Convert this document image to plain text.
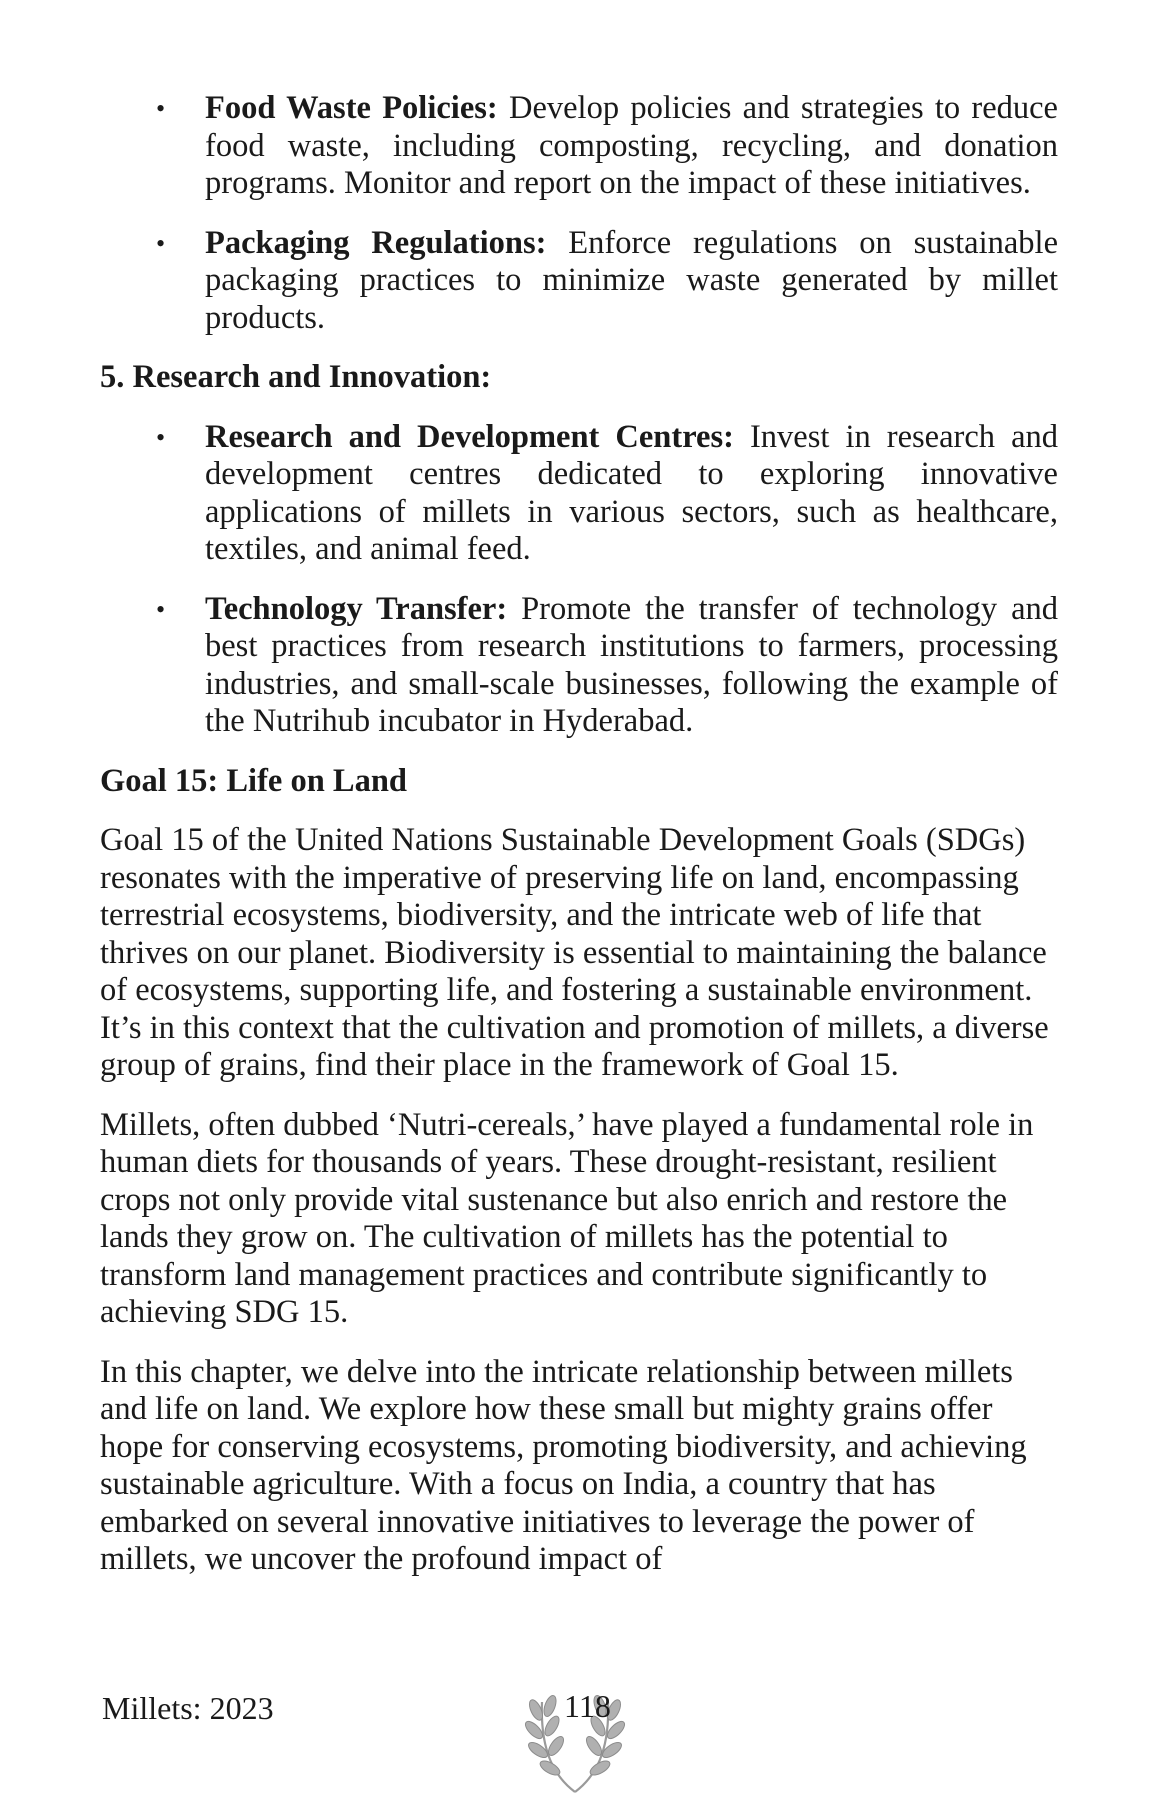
• Food Waste Policies: Develop policies and strategies to reduce food waste, including composting, recycling, and donation programs. Monitor and report on the impact of these initiatives.
• Packaging Regulations: Enforce regulations on sustainable packaging practices to minimize waste generated by millet products.
5. Research and Innovation:
• Research and Development Centres: Invest in research and development centres dedicated to exploring innovative applications of millets in various sectors, such as healthcare, textiles, and animal feed.
• Technology Transfer: Promote the transfer of technology and best practices from research institutions to farmers, processing industries, and small-scale businesses, following the example of the Nutrihub incubator in Hyderabad.
Goal 15: Life on Land

Goal 15 of the United Nations Sustainable Development Goals (SDGs) resonates with the imperative of preserving life on land, encompassing terrestrial ecosystems, biodiversity, and the intricate web of life that thrives on our planet. Biodiversity is essential to maintaining the balance of ecosystems, supporting life, and fostering a sustainable environment. It’s in this context that the cultivation and promotion of millets, a diverse group of grains, find their place in the framework of Goal 15.

Millets, often dubbed ‘Nutri-cereals,’ have played a fundamental role in human diets for thousands of years. These drought-resistant, resilient crops not only provide vital sustenance but also enrich and restore the lands they grow on. The cultivation of millets has the potential to transform land management practices and contribute significantly to achieving SDG 15.

In this chapter, we delve into the intricate relationship between millets and life on land. We explore how these small but mighty grains offer hope for conserving ecosystems, promoting biodiversity, and achieving sustainable agriculture. With a focus on India, a country that has embarked on several innovative initiatives to leverage the power of millets, we uncover the profound impact of

Millets: 2023	118
